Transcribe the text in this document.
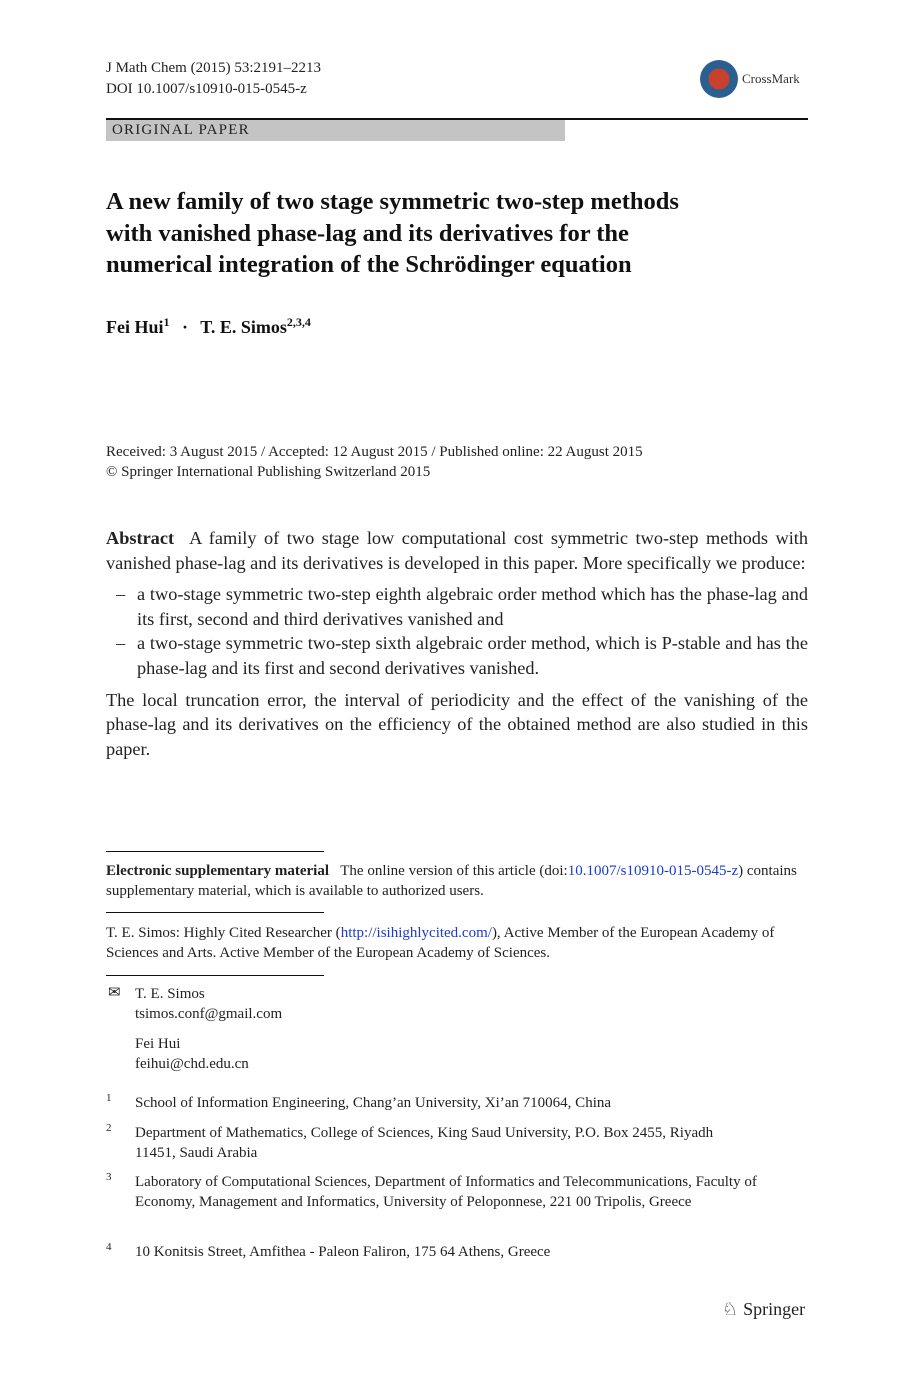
J Math Chem (2015) 53:2191–2213
DOI 10.1007/s10910-015-0545-z
CrossMark
ORIGINAL PAPER
A new family of two stage symmetric two-step methods
with vanished phase-lag and its derivatives for the
numerical integration of the Schrödinger equation
Fei Hui$^1$ · T. E. Simos$^{2,3,4}$
Received: 3 August 2015 / Accepted: 12 August 2015 / Published online: 22 August 2015
© Springer International Publishing Switzerland 2015

Abstract A family of two stage low computational cost symmetric two-step methods with vanished phase-lag and its derivatives is developed in this paper. More specifically we produce:

– a two-stage symmetric two-step eighth algebraic order method which has the phase-lag and its first, second and third derivatives vanished and
– a two-stage symmetric two-step sixth algebraic order method, which is P-stable and has the phase-lag and its first and second derivatives vanished.

The local truncation error, the interval of periodicity and the effect of the vanishing of the phase-lag and its derivatives on the efficiency of the obtained method are also studied in this paper.

Electronic supplementary material The online version of this article (doi:10.1007/s10910-015-0545-z) contains supplementary material, which is available to authorized users.
T. E. Simos: Highly Cited Researcher (http://isihighlycited.com/), Active Member of the European Academy of Sciences and Arts. Active Member of the European Academy of Sciences.
✉ T. E. Simos
tsimos.conf@gmail.com
Fei Hui
feihui@chd.edu.cn
1 School of Information Engineering, Chang’an University, Xi’an 710064, China
2 Department of Mathematics, College of Sciences, King Saud University, P.O. Box 2455, Riyadh 11451, Saudi Arabia
3 Laboratory of Computational Sciences, Department of Informatics and Telecommunications, Faculty of Economy, Management and Informatics, University of Peloponnese, 221 00 Tripolis, Greece
4 10 Konitsis Street, Amfithea - Paleon Faliron, 175 64 Athens, Greece
♘ Springer
